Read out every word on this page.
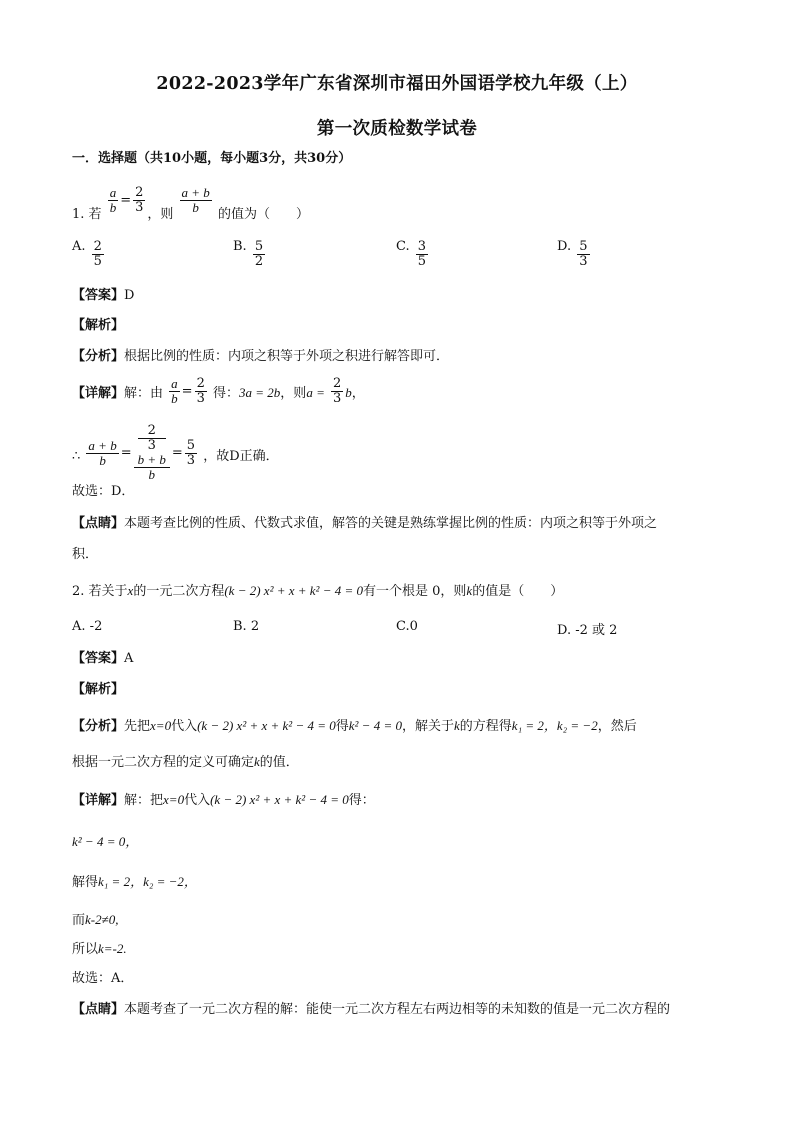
2022-2023学年广东省深圳市福田外国语学校九年级（上）
第一次质检数学试卷
一．选择题（共10小题，每小题3分，共30分）
1. 若 $\frac{a}{b} = \frac{2}{3}$ ，则 $\frac{a + b}{b}$ 的值为（　　）
A. $\frac{2}{5}$	B. $\frac{5}{2}$	C. $\frac{3}{5}$	D. $\frac{5}{3}$
【答案】D
【解析】
【分析】根据比例的性质：内项之积等于外项之积进行解答即可．
【详解】解：由 $\frac{a}{b} = \frac{2}{3}$ 得：3a = 2b，则$a = \frac{2}{3}$ b，
∴ $\frac{a + b}{b} = 2$
3
b + b
$b = \frac{5}{3}$ ，故D正确．
故选：D．
【点睛】本题考查比例的性质、代数式求值，解答的关键是熟练掌握比例的性质：内项之积等于外项之
积．
2. 若关于x的一元二次方程(k − 2) x² + x + k² − 4 = 0有一个根是 0，则k的值是（　　）
A. -2	B. 2	C.0	D. -2 或 2
【答案】A
【解析】
【分析】先把x=0代入(k − 2) x² + x + k² − 4 = 0得k² − 4 = 0，解关于k的方程得k₁ = 2，k₂ = −2，然后
根据一元二次方程的定义可确定k的值．
【详解】解：把x=0代入(k − 2) x² + x + k² − 4 = 0得：
k² − 4 = 0，
解得k₁ = 2，k₂ = −2，
而k-2≠0,
所以k=-2.
故选：A．
【点睛】本题考查了一元二次方程的解：能使一元二次方程左右两边相等的未知数的值是一元二次方程的
